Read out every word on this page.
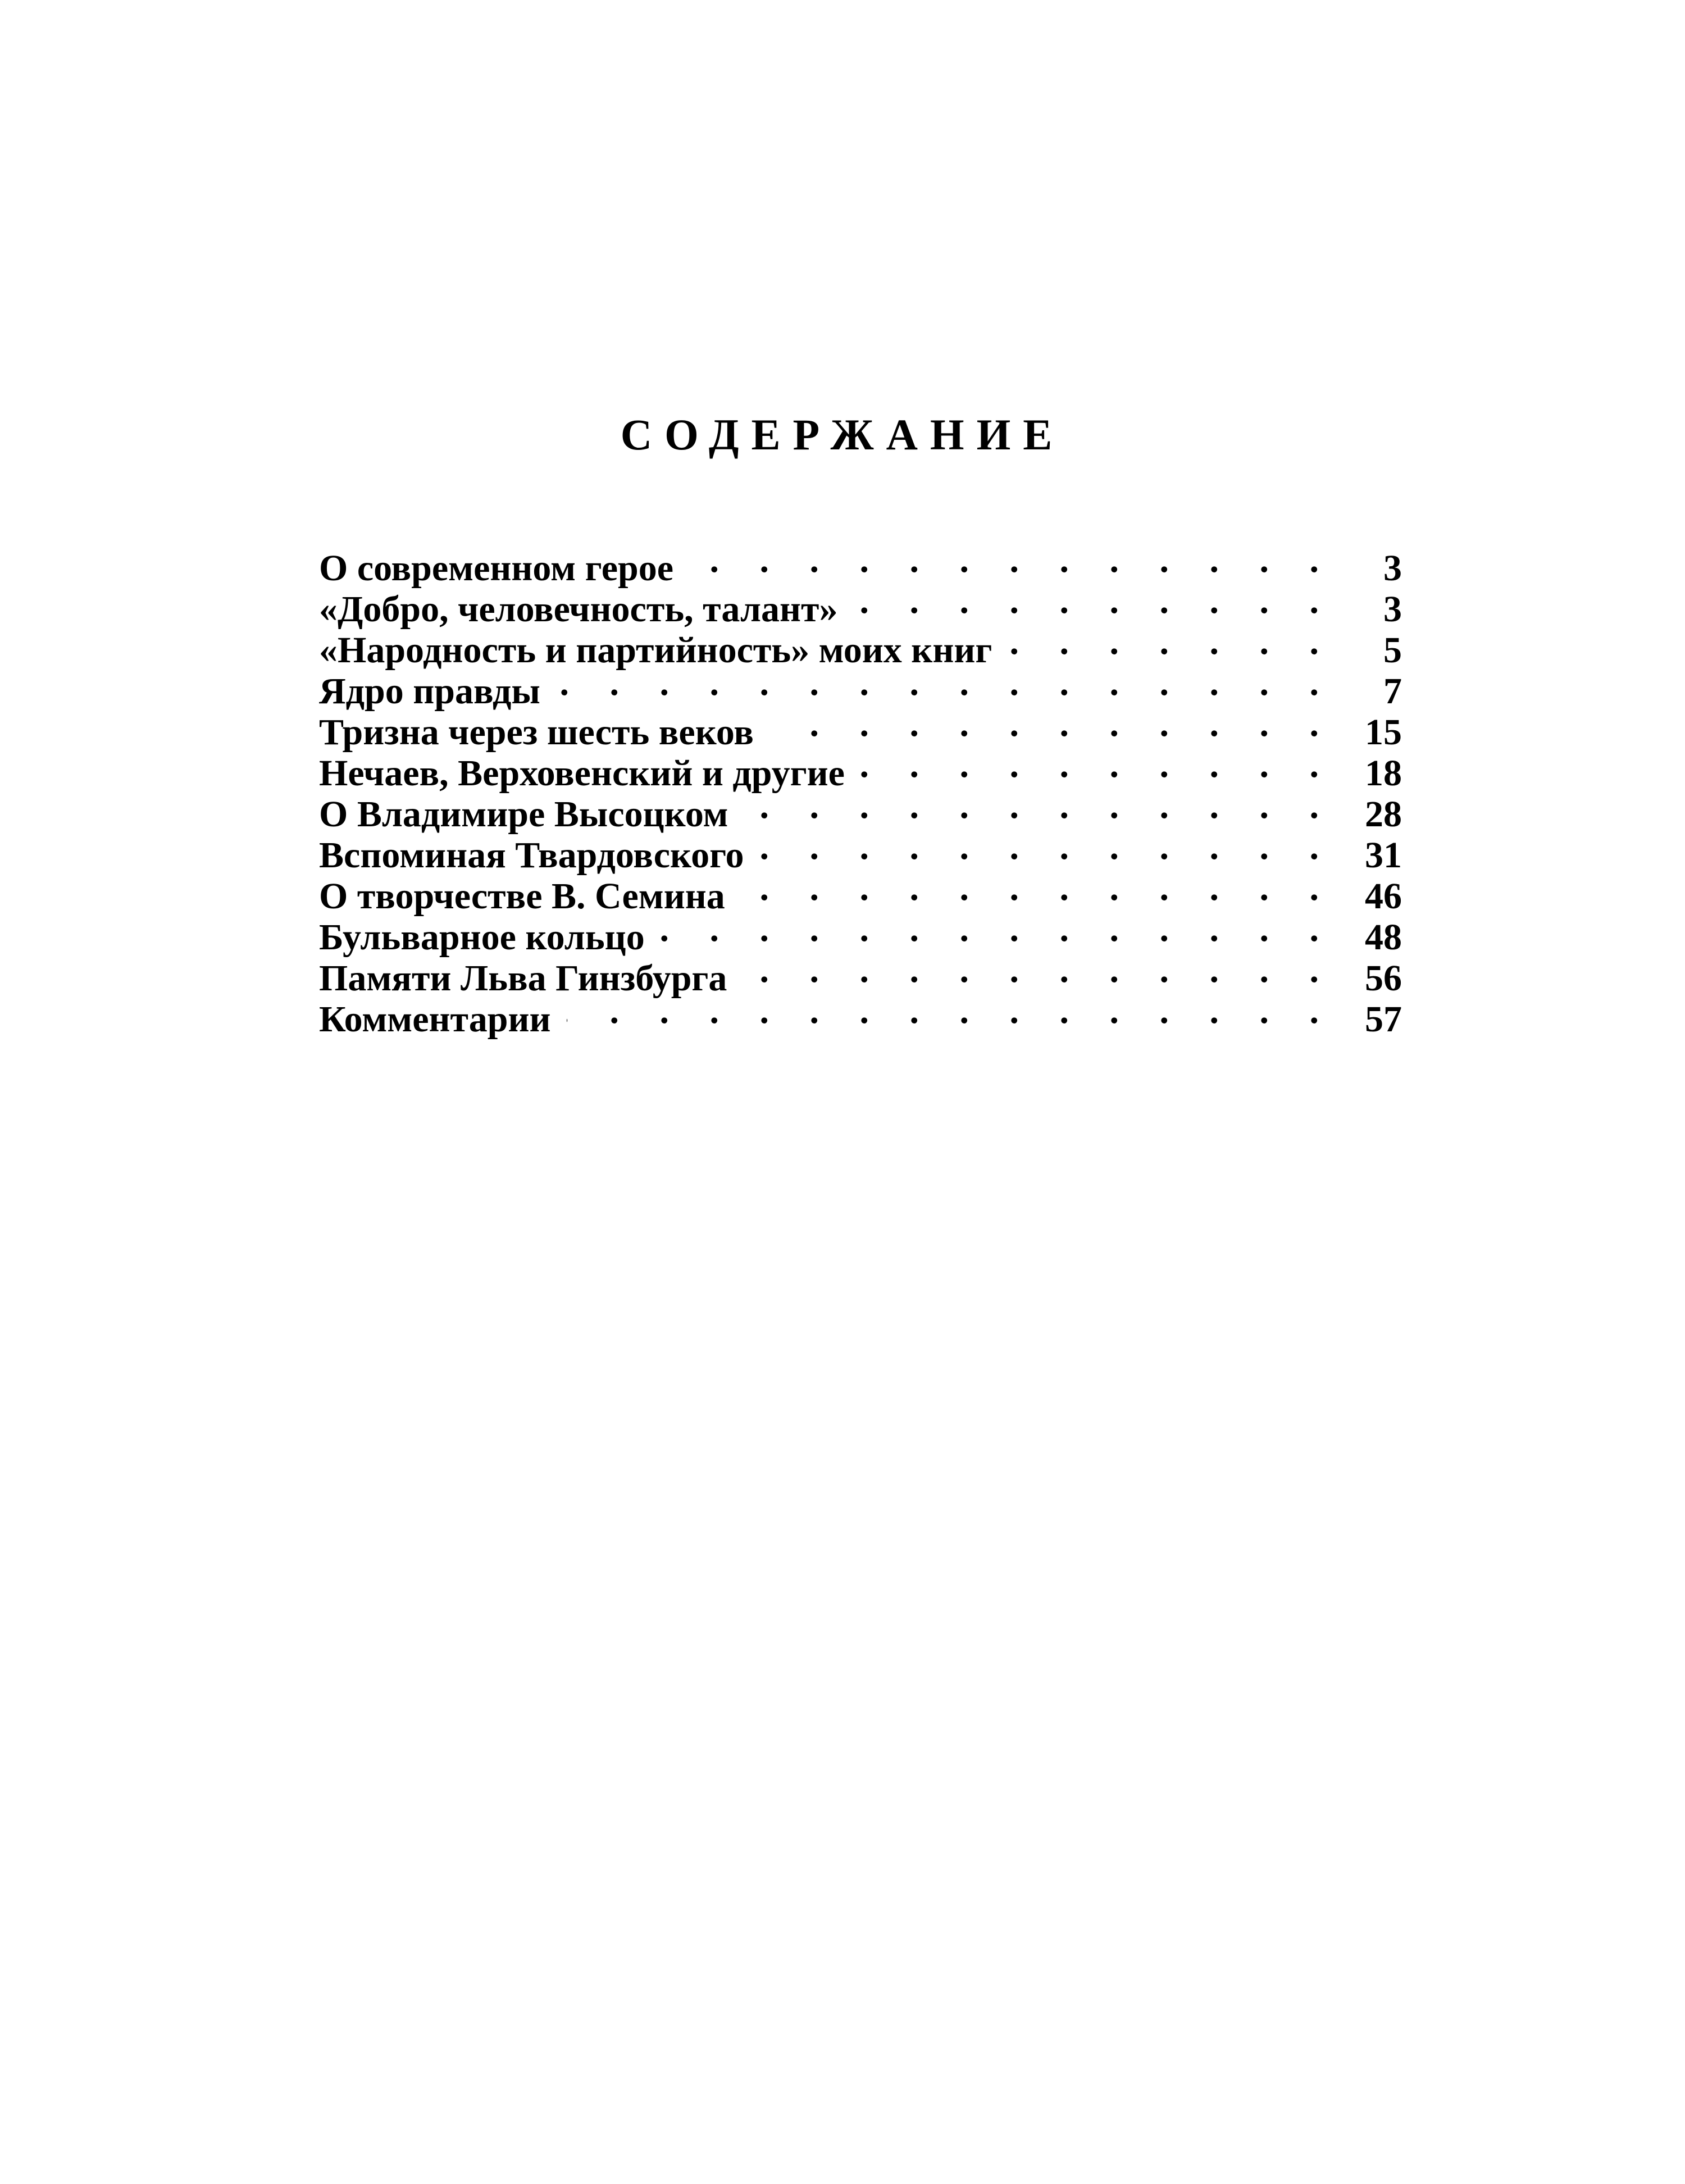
СОДЕРЖАНИЕ
О современном герое . . .	3
«Добро, человечность, талант» . . .	3
«Народность и партийность» моих книг . . .	5
Ядро правды . . .	7
Тризна через шесть веков . . .	15
Нечаев, Верховенский и другие . . .	18
О Владимире Высоцком . . .	28
Вспоминая Твардовского . . .	31
О творчестве В. Семина . . .	46
Бульварное кольцо . . .	48
Памяти Льва Гинзбурга . . .	56
Комментарии . . .	57
